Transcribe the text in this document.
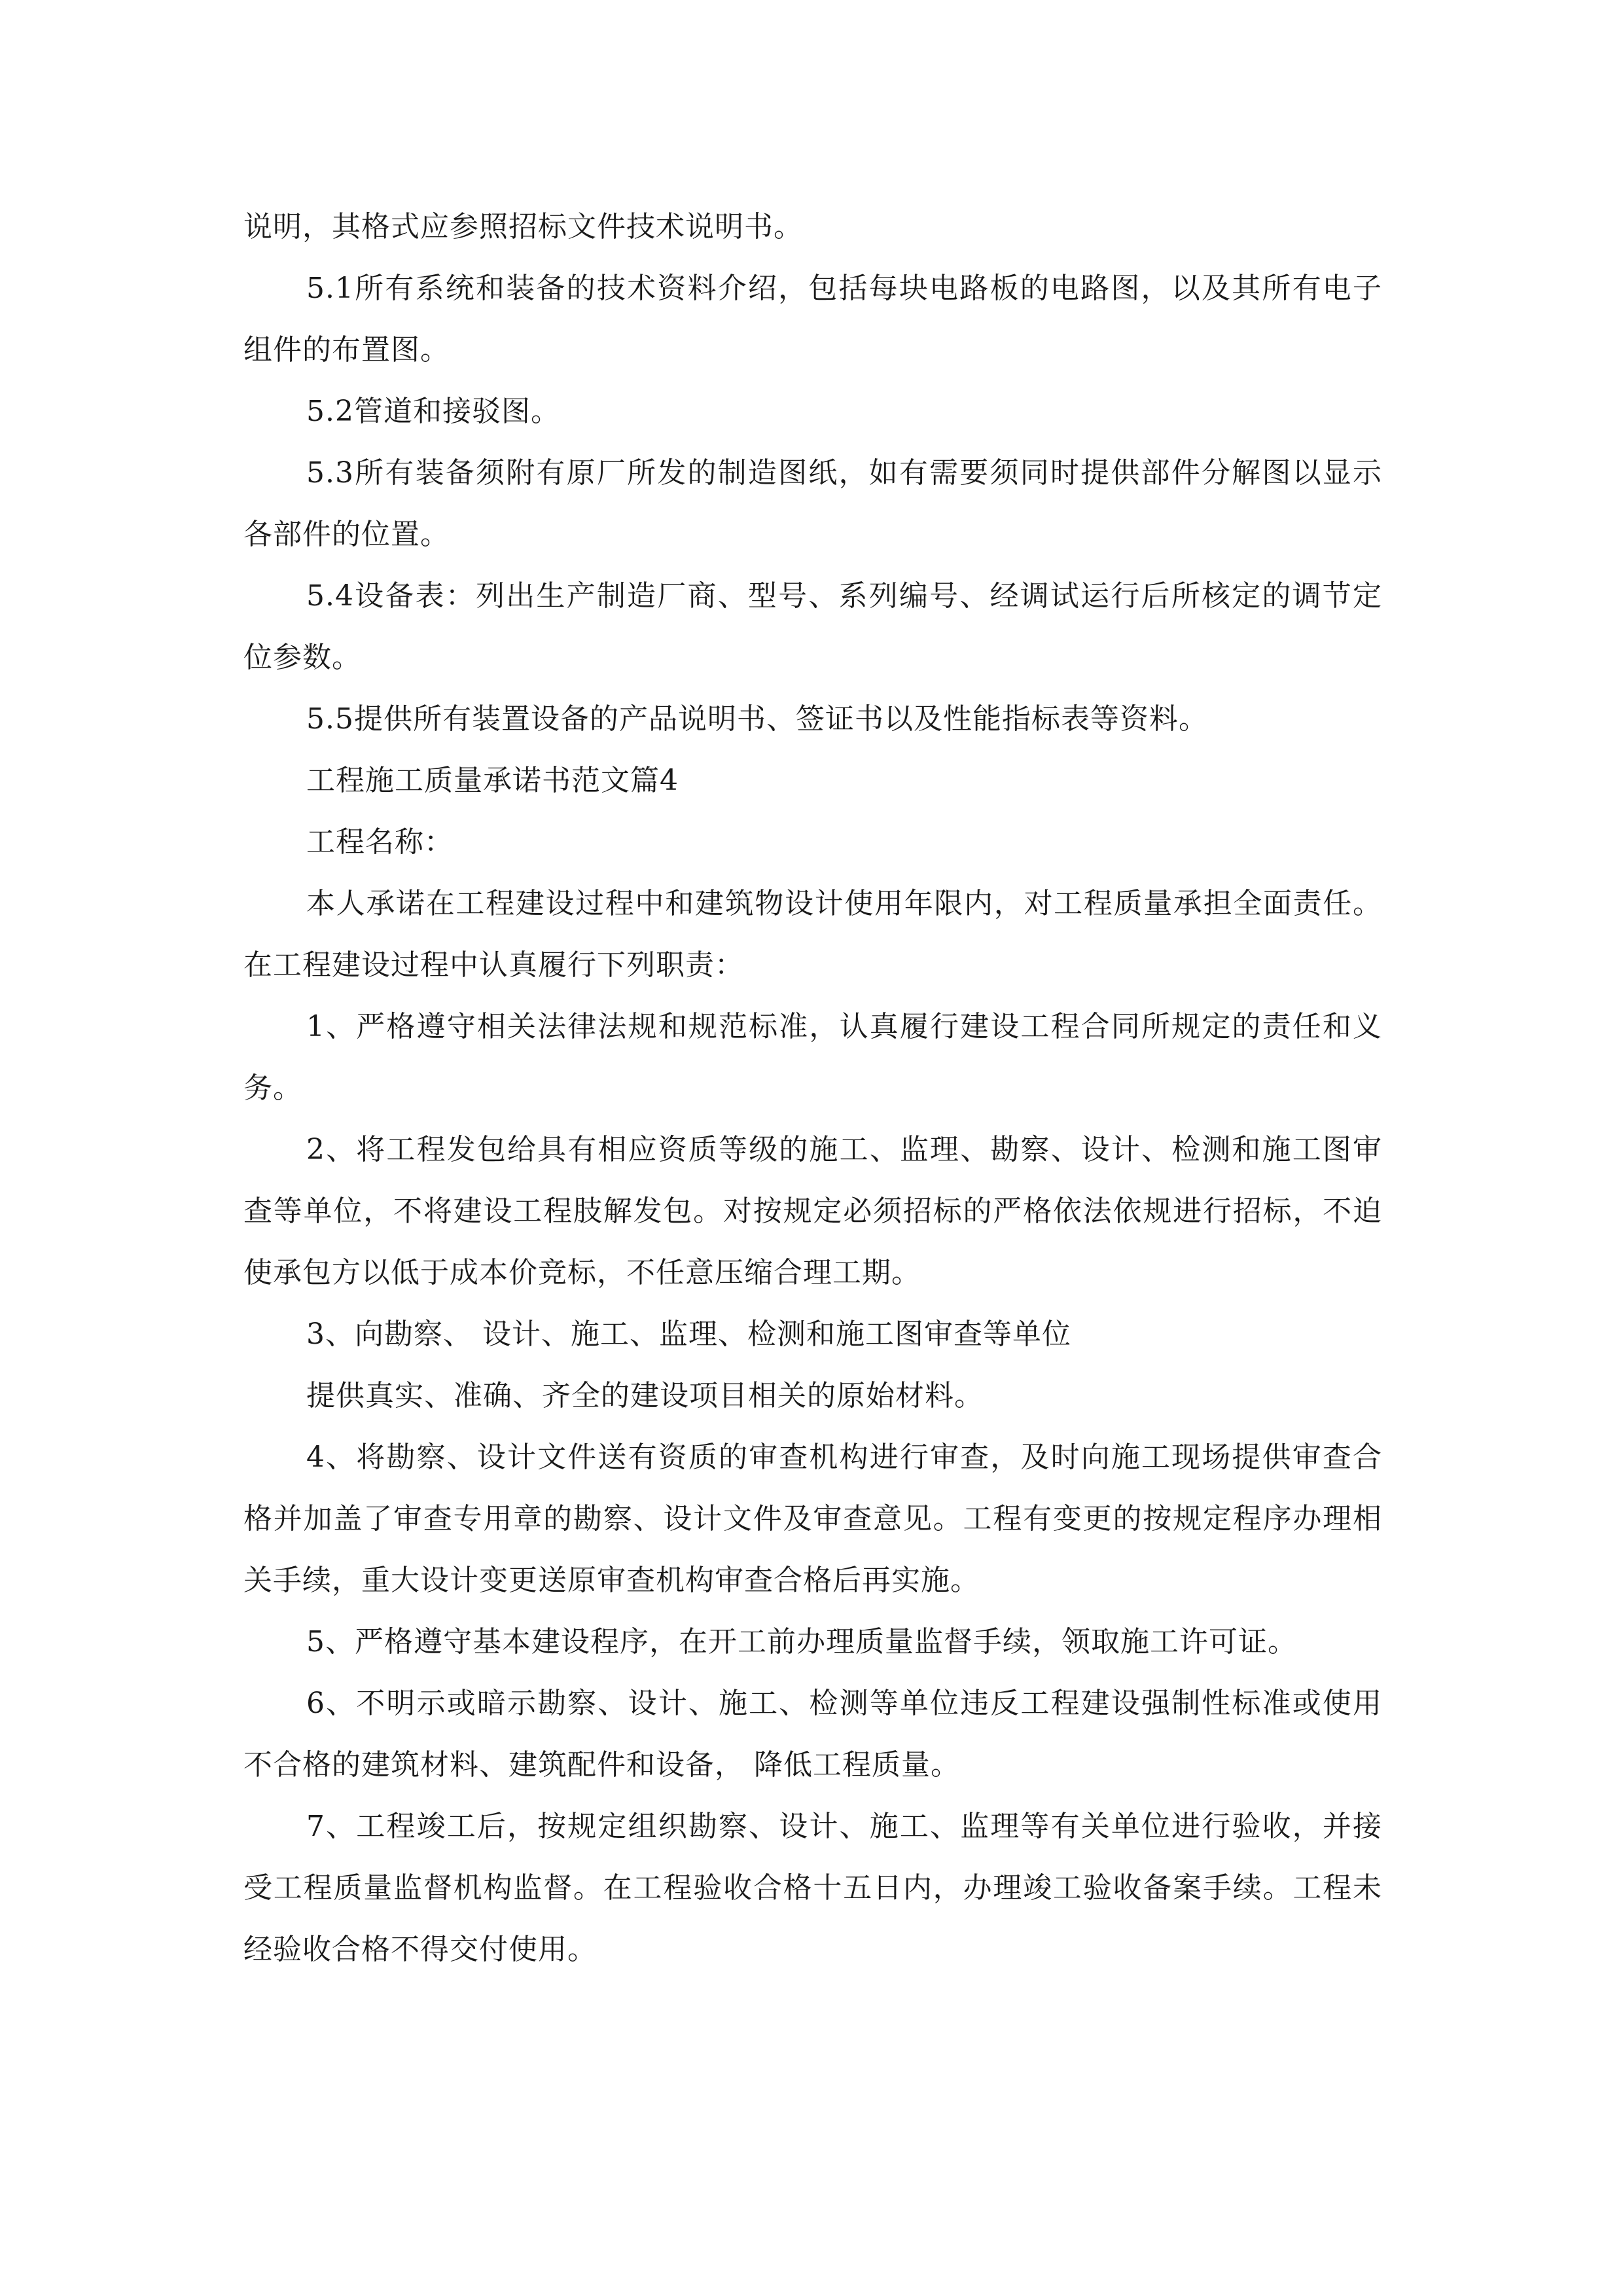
说明，其格式应参照招标文件技术说明书。

5.1所有系统和装备的技术资料介绍，包括每块电路板的电路图，以及其所有电子组件的布置图。

5.2管道和接驳图。

5.3所有装备须附有原厂所发的制造图纸，如有需要须同时提供部件分解图以显示各部件的位置。

5.4设备表：列出生产制造厂商、型号、系列编号、经调试运行后所核定的调节定位参数。

5.5提供所有装置设备的产品说明书、签证书以及性能指标表等资料。

工程施工质量承诺书范文篇4

工程名称：

本人承诺在工程建设过程中和建筑物设计使用年限内，对工程质量承担全面责任。在工程建设过程中认真履行下列职责：

1、严格遵守相关法律法规和规范标准，认真履行建设工程合同所规定的责任和义务。

2、将工程发包给具有相应资质等级的施工、监理、勘察、设计、检测和施工图审查等单位，不将建设工程肢解发包。对按规定必须招标的严格依法依规进行招标，不迫使承包方以低于成本价竞标，不任意压缩合理工期。

3、向勘察、 设计、施工、监理、检测和施工图审查等单位

提供真实、准确、齐全的建设项目相关的原始材料。

4、将勘察、设计文件送有资质的审查机构进行审查，及时向施工现场提供审查合格并加盖了审查专用章的勘察、设计文件及审查意见。工程有变更的按规定程序办理相关手续，重大设计变更送原审查机构审查合格后再实施。

5、严格遵守基本建设程序，在开工前办理质量监督手续，领取施工许可证。

6、不明示或暗示勘察、设计、施工、检测等单位违反工程建设强制性标准或使用不合格的建筑材料、建筑配件和设备， 降低工程质量。

7、工程竣工后，按规定组织勘察、设计、施工、监理等有关单位进行验收，并接受工程质量监督机构监督。在工程验收合格十五日内，办理竣工验收备案手续。工程未经验收合格不得交付使用。
